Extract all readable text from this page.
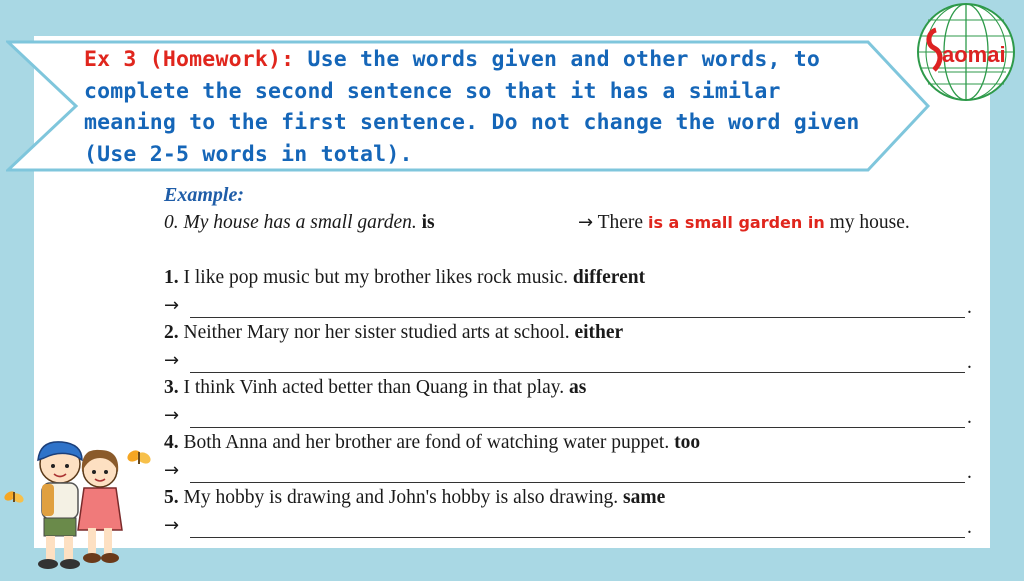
Ex 3 (Homework): Use the words given and other words, to complete the second sentence so that it has a similar meaning to the first sentence. Do not change the word given (Use 2-5 words in total).
aomai
Example:
0. My house has a small garden. is	→ There is a small garden in my house.
1. I like pop music but my brother likes rock music. different
→	.
2. Neither Mary nor her sister studied arts at school. either
→	.
3. I think Vinh acted better than Quang in that play. as
→	.
4. Both Anna and her brother are fond of watching water puppet. too
→	.
5. My hobby is drawing and John's hobby is also drawing. same
→	.
